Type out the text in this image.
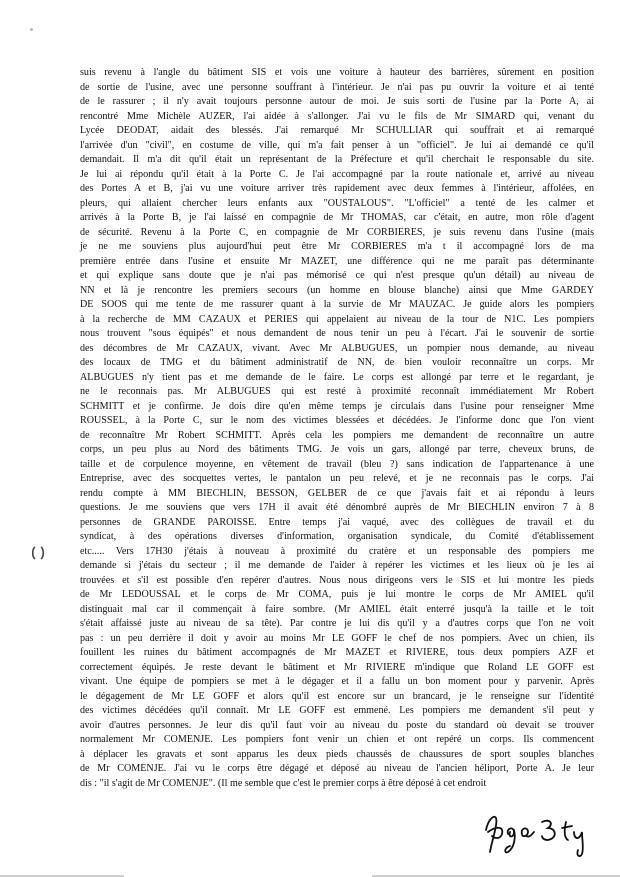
suis revenu à l'angle du bâtiment SIS et vois une voiture à hauteur des barrières, sûrement en position
de sortie de l'usine, avec une personne souffrant à l'intérieur. Je n'ai pas pu ouvrir la voiture et ai tenté
de le rassurer ; il n'y avait toujours personne autour de moi. Je suis sorti de l'usine par la Porte A, ai
rencontré Mme Michèle AUZER, l'ai aidée à s'allonger. J'ai vu le fils de Mr SIMARD qui, venant du
Lycée DEODAT, aidait des blessés. J'ai remarqué Mr SCHULLIAR qui souffrait et ai remarqué
l'arrivée d'un "civil", en costume de ville, qui m'a fait penser à un "officiel". Je lui ai demandé ce qu'il
demandait. Il m'a dit qu'il était un représentant de la Préfecture et qu'il cherchait le responsable du site.
Je lui ai répondu qu'il était à la Porte C. Je l'ai accompagné par la route nationale et, arrivé au niveau
des Portes A et B, j'ai vu une voiture arriver très rapidement avec deux femmes à l'intérieur, affolées, en
pleurs, qui allaient chercher leurs enfants aux "OUSTALOUS". "L'officiel" a tenté de les calmer et
arrivés à la Porte B, je l'ai laissé en compagnie de Mr THOMAS, car c'était, en autre, mon rôle d'agent
de sécurité. Revenu à la Porte C, en compagnie de Mr CORBIERES, je suis revenu dans l'usine (mais
je ne me souviens plus aujourd'hui peut être Mr CORBIERES m'a t il accompagné lors de ma
première entrée dans l'usine et ensuite Mr MAZET, une différence qui ne me paraît pas déterminante
et qui explique sans doute que je n'ai pas mémorisé ce qui n'est presque qu'un détail) au niveau de
NN et là je rencontre les premiers secours (un homme en blouse blanche) ainsi que Mme GARDEY
DE SOOS qui me tente de me rassurer quant à la survie de Mr MAUZAC. Je guide alors les pompiers
à la recherche de MM CAZAUX et PERIES qui appelaient au niveau de la tour de N1C. Les pompiers
nous trouvent "sous équipés" et nous demandent de nous tenir un peu à l'écart. J'ai le souvenir de sortie
des décombres de Mr CAZAUX, vivant. Avec Mr ALBUGUES, un pompier nous demande, au niveau
des locaux de TMG et du bâtiment administratif de NN, de bien vouloir reconnaître un corps. Mr
ALBUGUES n'y tient pas et me demande de le faire. Le corps est allongé par terre et le regardant, je
ne le reconnais pas. Mr ALBUGUES qui est resté à proximité reconnaît immédiatement Mr Robert
SCHMITT et je confirme. Je dois dire qu'en même temps je circulais dans l'usine pour renseigner Mme
ROUSSEL, à la Porte C, sur le nom des victimes blessées et décédées. Je l'informe donc que l'on vient
de reconnaître Mr Robert SCHMITT. Après cela les pompiers me demandent de reconnaître un autre
corps, un peu plus au Nord des bâtiments TMG. Je vois un gars, allongé par terre, cheveux bruns, de
taille et de corpulence moyenne, en vêtement de travail (bleu ?) sans indication de l'appartenance à une
Entreprise, avec des socquettes vertes, le pantalon un peu relevé, et je ne reconnais pas le corps. J'ai
rendu compte à MM BIECHLIN, BESSON, GELBER de ce que j'avais fait et ai répondu à leurs
questions. Je me souviens que vers 17H il avait été dénombré auprès de Mr BIECHLIN environ 7 à 8
personnes de GRANDE PAROISSE. Entre temps j'ai vaqué, avec des collègues de travail et du
syndicat, à des opérations diverses d'information, organisation syndicale, du Comité d'établissement
etc..... Vers 17H30 j'étais à nouveau à proximité du cratère et un responsable des pompiers me
demande si j'étais du secteur ; il me demande de l'aider à repérer les victimes et les lieux où je les ai
trouvées et s'il est possible d'en repérer d'autres. Nous nous dirigeons vers le SIS et lui montre les pieds
de Mr LEDOUSSAL et le corps de Mr COMA, puis je lui montre le corps de Mr AMIEL qu'il
distinguait mal car il commençait à faire sombre. (Mr AMIEL était enterré jusqu'à la taille et le toit
s'était affaissé juste au niveau de sa tête). Par contre je lui dis qu'il y a d'autres corps que l'on ne voit
pas : un peu derrière il doit y avoir au moins Mr LE GOFF le chef de nos pompiers. Avec un chien, ils
fouillent les ruines du bâtiment accompagnés de Mr MAZET et RIVIERE, tous deux pompiers AZF et
correctement équipés. Je reste devant le bâtiment et Mr RIVIERE m'indique que Roland LE GOFF est
vivant. Une équipe de pompiers se met à le dégager et il a fallu un bon moment pour y parvenir. Après
le dégagement de Mr LE GOFF et alors qu'il est encore sur un brancard, je le renseigne sur l'identité
des victimes décédées qu'il connaît. Mr LE GOFF est emmené. Les pompiers me demandent s'il peut y
avoir d'autres personnes. Je leur dis qu'il faut voir au niveau du poste du standard où devait se trouver
normalement Mr COMENJE. Les pompiers font venir un chien et ont repéré un corps. Ils commencent
à déplacer les gravats et sont apparus les deux pieds chaussés de chaussures de sport souples blanches
de Mr COMENJE. J'ai vu le corps être dégagé et déposé au niveau de l'ancien héliport, Porte A. Je leur
dis : "il s'agit de Mr COMENJE". (Il me semble que c'est le premier corps à être déposé à cet endroit
